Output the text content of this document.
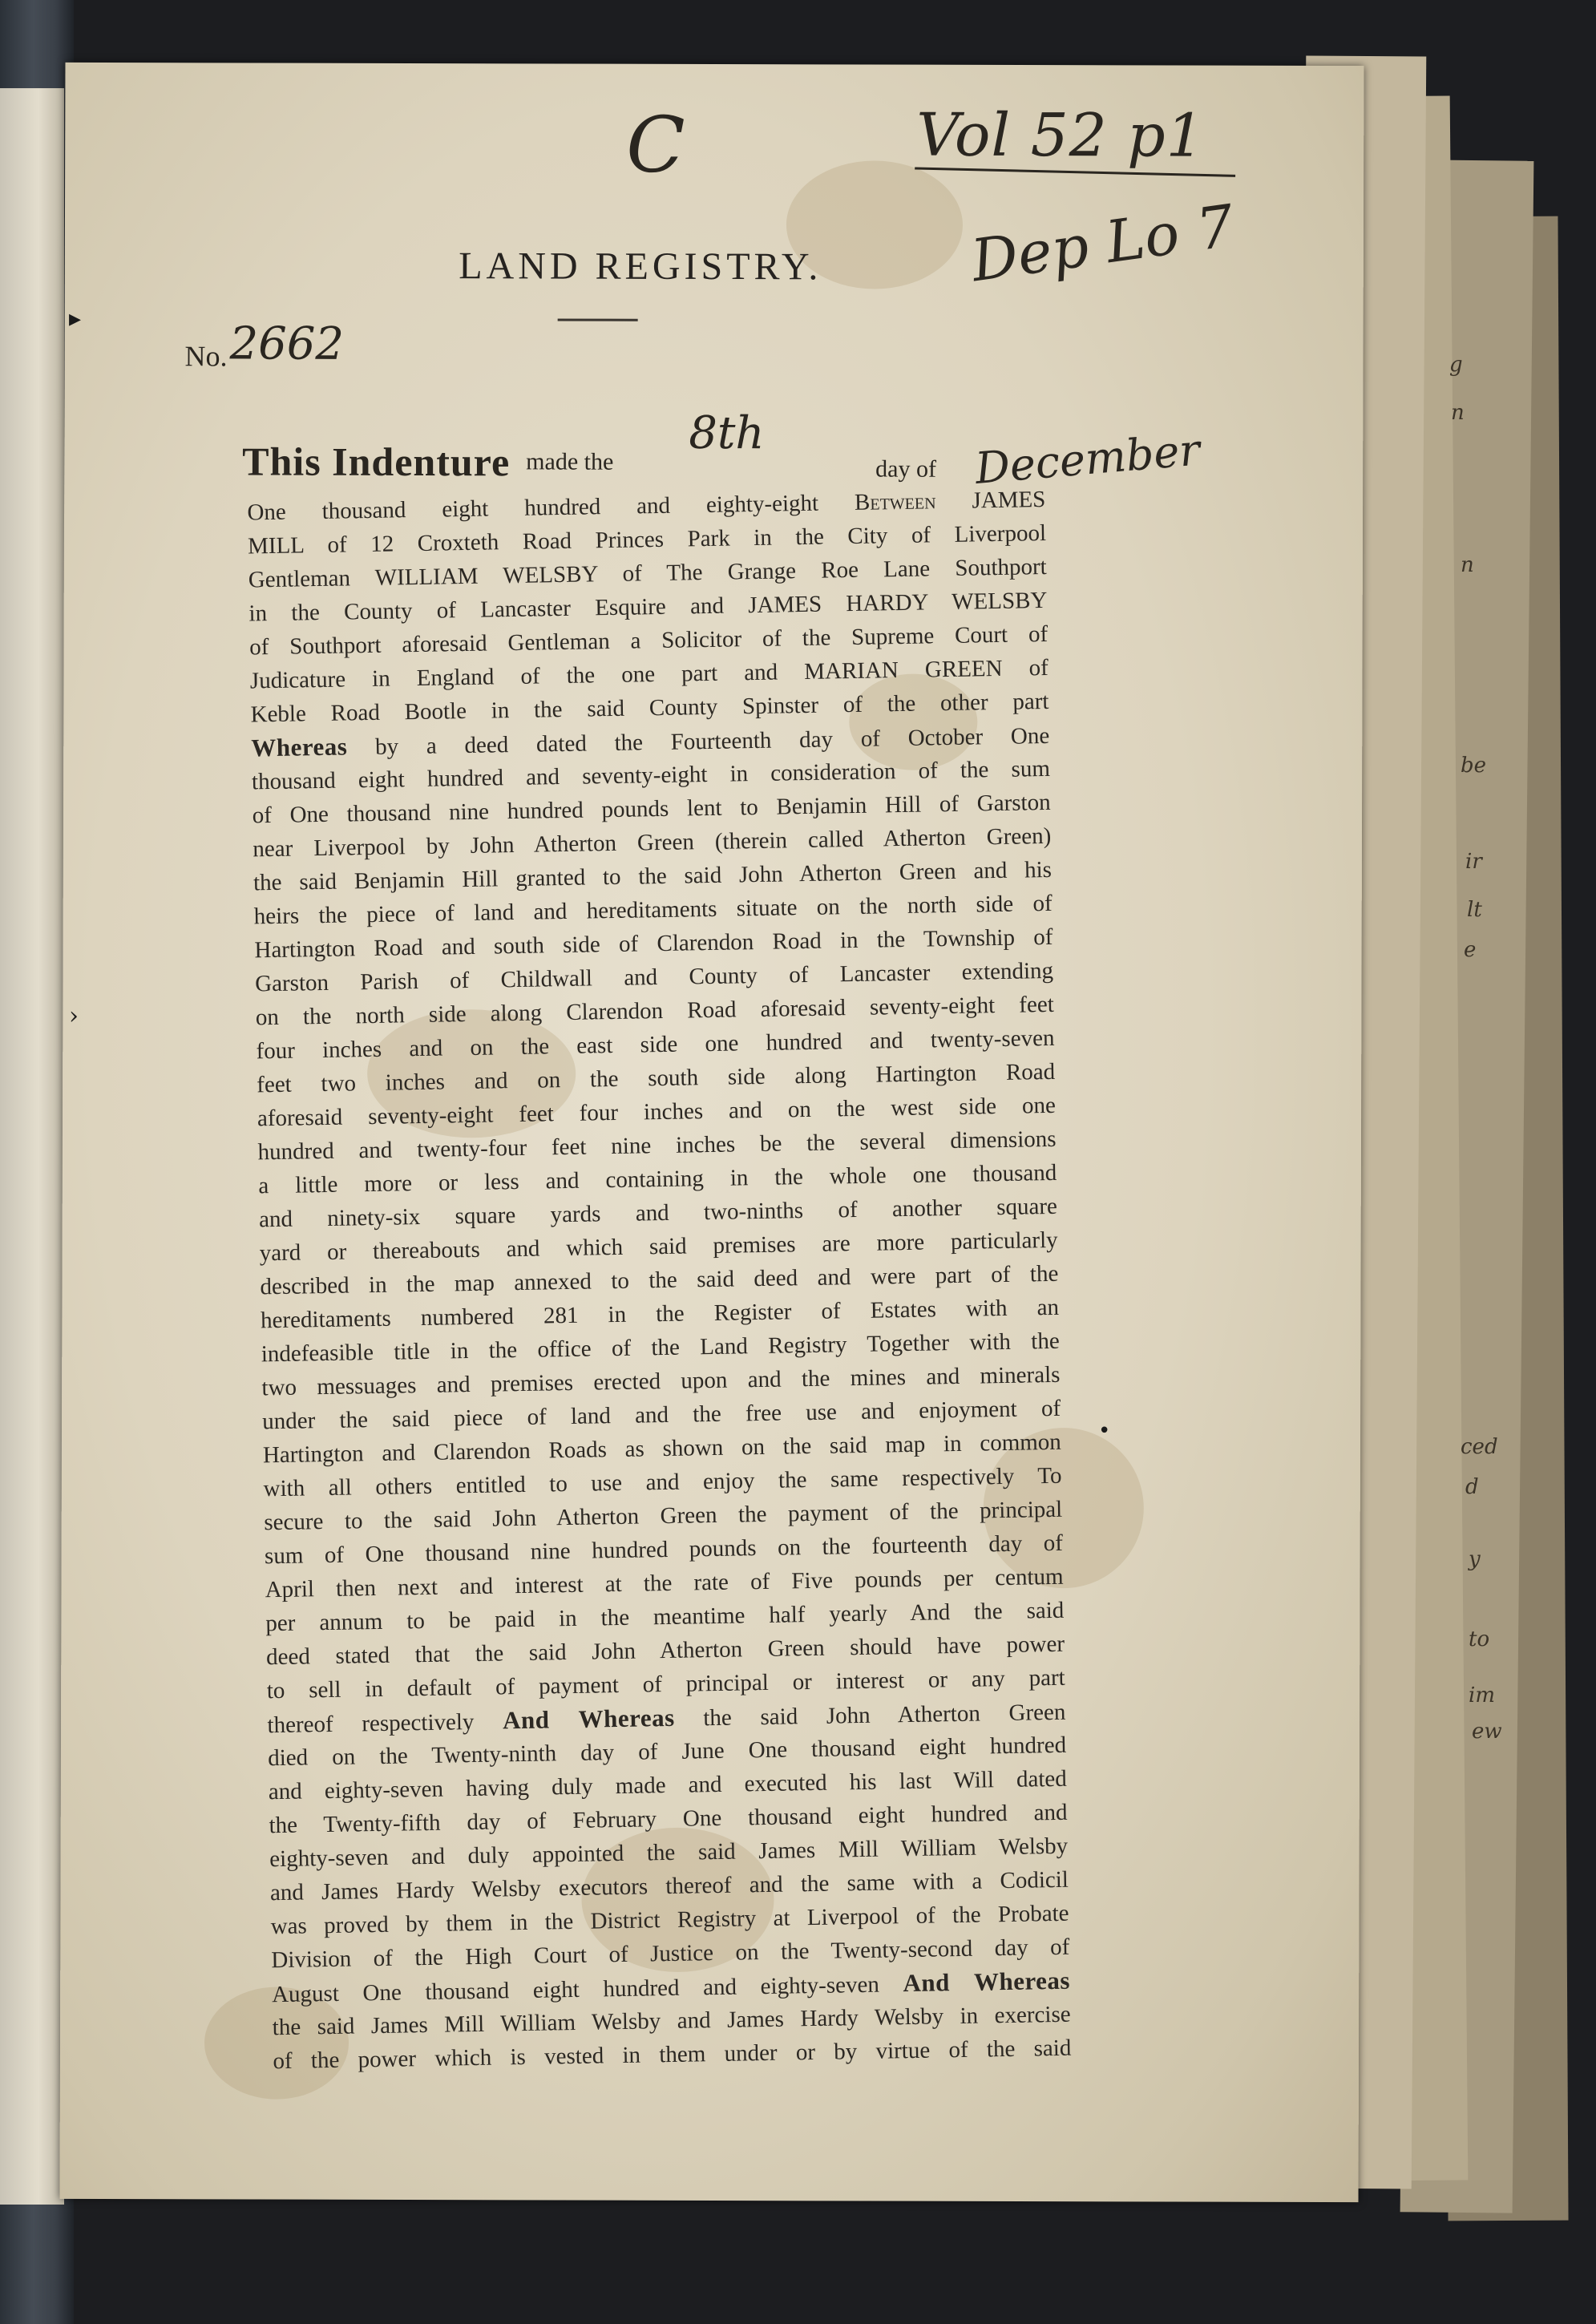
g
n
n
be
ir
lt
e
ced
d
y
to
im
ew
C	Vol 52 p1
Dep Lo 7
LAND REGISTRY.
No. 2662
This Indenture made the
8th
day of December
One thousand eight hundred and eighty-eight Between JAMES
MILL of 12 Croxteth Road Princes Park in the City of Liverpool
Gentleman WILLIAM WELSBY of The Grange Roe Lane Southport
in the County of Lancaster Esquire and JAMES HARDY WELSBY
of Southport aforesaid Gentleman a Solicitor of the Supreme Court of
Judicature in England of the one part and MARIAN GREEN of
Keble Road Bootle in the said County Spinster of the other part
Whereas by a deed dated the Fourteenth day of October One
thousand eight hundred and seventy-eight in consideration of the sum
of One thousand nine hundred pounds lent to Benjamin Hill of Garston
near Liverpool by John Atherton Green (therein called Atherton Green)
the said Benjamin Hill granted to the said John Atherton Green and his
heirs the piece of land and hereditaments situate on the north side of
Hartington Road and south side of Clarendon Road in the Township of
Garston Parish of Childwall and County of Lancaster extending
on the north side along Clarendon Road aforesaid seventy-eight feet
four inches and on the east side one hundred and twenty-seven
feet two inches and on the south side along Hartington Road
aforesaid seventy-eight feet four inches and on the west side one
hundred and twenty-four feet nine inches be the several dimensions
a little more or less and containing in the whole one thousand
and ninety-six square yards and two-ninths of another square
yard or thereabouts and which said premises are more particularly
described in the map annexed to the said deed and were part of the
hereditaments numbered 281 in the Register of Estates with an
indefeasible title in the office of the Land Registry Together with the
two messuages and premises erected upon and the mines and minerals
under the said piece of land and the free use and enjoyment of
Hartington and Clarendon Roads as shown on the said map in common
with all others entitled to use and enjoy the same respectively To
secure to the said John Atherton Green the payment of the principal
sum of One thousand nine hundred pounds on the fourteenth day of
April then next and interest at the rate of Five pounds per centum
per annum to be paid in the meantime half yearly And the said
deed stated that the said John Atherton Green should have power
to sell in default of payment of principal or interest or any part
thereof respectively And Whereas the said John Atherton Green
died on the Twenty-ninth day of June One thousand eight hundred
and eighty-seven having duly made and executed his last Will dated
the Twenty-fifth day of February One thousand eight hundred and
eighty-seven and duly appointed the said James Mill William Welsby
and James Hardy Welsby executors thereof and the same with a Codicil
was proved by them in the District Registry at Liverpool of the Probate
Division of the High Court of Justice on the Twenty-second day of
August One thousand eight hundred and eighty-seven And Whereas
the said James Mill William Welsby and James Hardy Welsby in exercise
of the power which is vested in them under or by virtue of the said
▸
›
•
